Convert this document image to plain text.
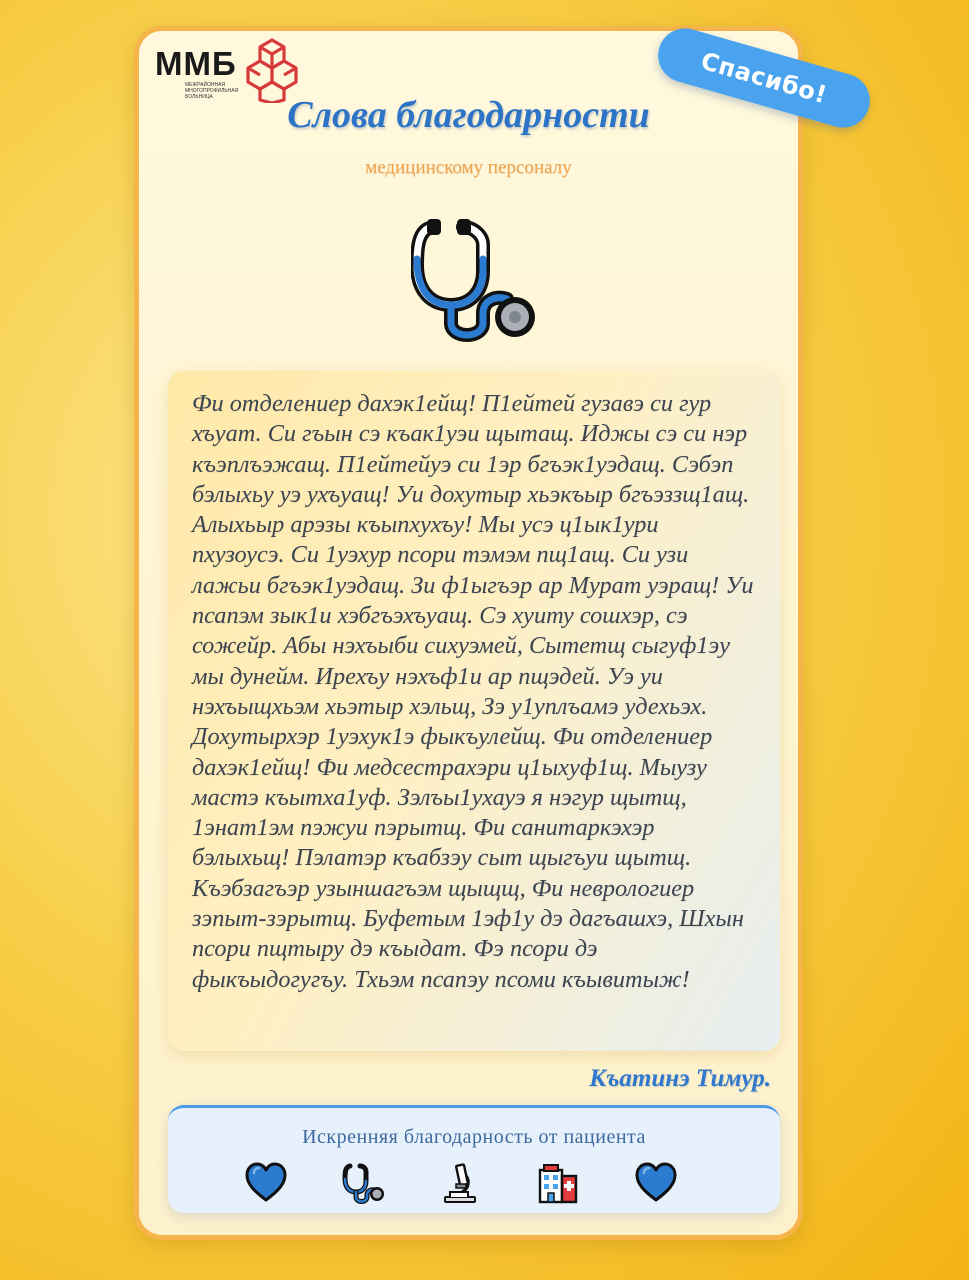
ММБ
МЕЖРАЙОННАЯ МНОГОПРОФИЛЬНАЯ БОЛЬНИЦА	Спасибо!
Слова благодарности
медицинскому персоналу

Фи отделениер дахэк1ейщ! П1ейтей гузавэ си гур хъуат. Си гъын сэ къак1уэи щытащ. Иджы сэ си нэр къэплъэжащ. П1ейтейуэ си 1эр бгъэк1уэдащ. Сэбэп бэлыхьу уэ ухъуащ! Уи дохутыр хьэкъыр бгъэззщ1ащ. Алыхьыр арэзы къыпхухъу! Мы усэ ц1ык1ури пхузоусэ. Си 1уэхур псори тэмэм пщ1ащ. Си узи лажьи бгъэк1уэдащ. Зи ф1ыгъэр ар Мурат уэращ! Уи псапэм зык1и хэбгъэхъуащ. Сэ хуиту сошхэр, сэ сожейр. Абы нэхъыби сихуэмей, Сытетщ сыгуф1эу мы дунейм. Ирехъу нэхъф1и ар пщэдей. Уэ уи нэхъыщхьэм хьэтыр хэльщ, Зэ у1уплъамэ удехьэх. Дохутырхэр 1уэхук1э фыкъулейщ. Фи отделениер дахэк1ейщ! Фи медсестрахэри ц1ыхуф1щ. Мыузу мастэ къытха1уф. Зэлъы1ухауэ я нэгур щытщ, 1энат1эм пэжуи пэрытщ. Фи санитаркэхэр бэлыхьщ! Пэлатэр къабзэу сыт щыгъуи щытщ. Къэбзагъэр узыншагъэм щыщщ, Фи неврологиер зэпыт-зэрытщ. Буфетым 1эф1у дэ дагъашхэ, Шхын псори пщтыру дэ къыдат. Фэ псори дэ фыкъыдогугъу. Тхьэм псапэу псоми къывитыж!

Къатинэ Тимур.
Искренняя благодарность от пациента
